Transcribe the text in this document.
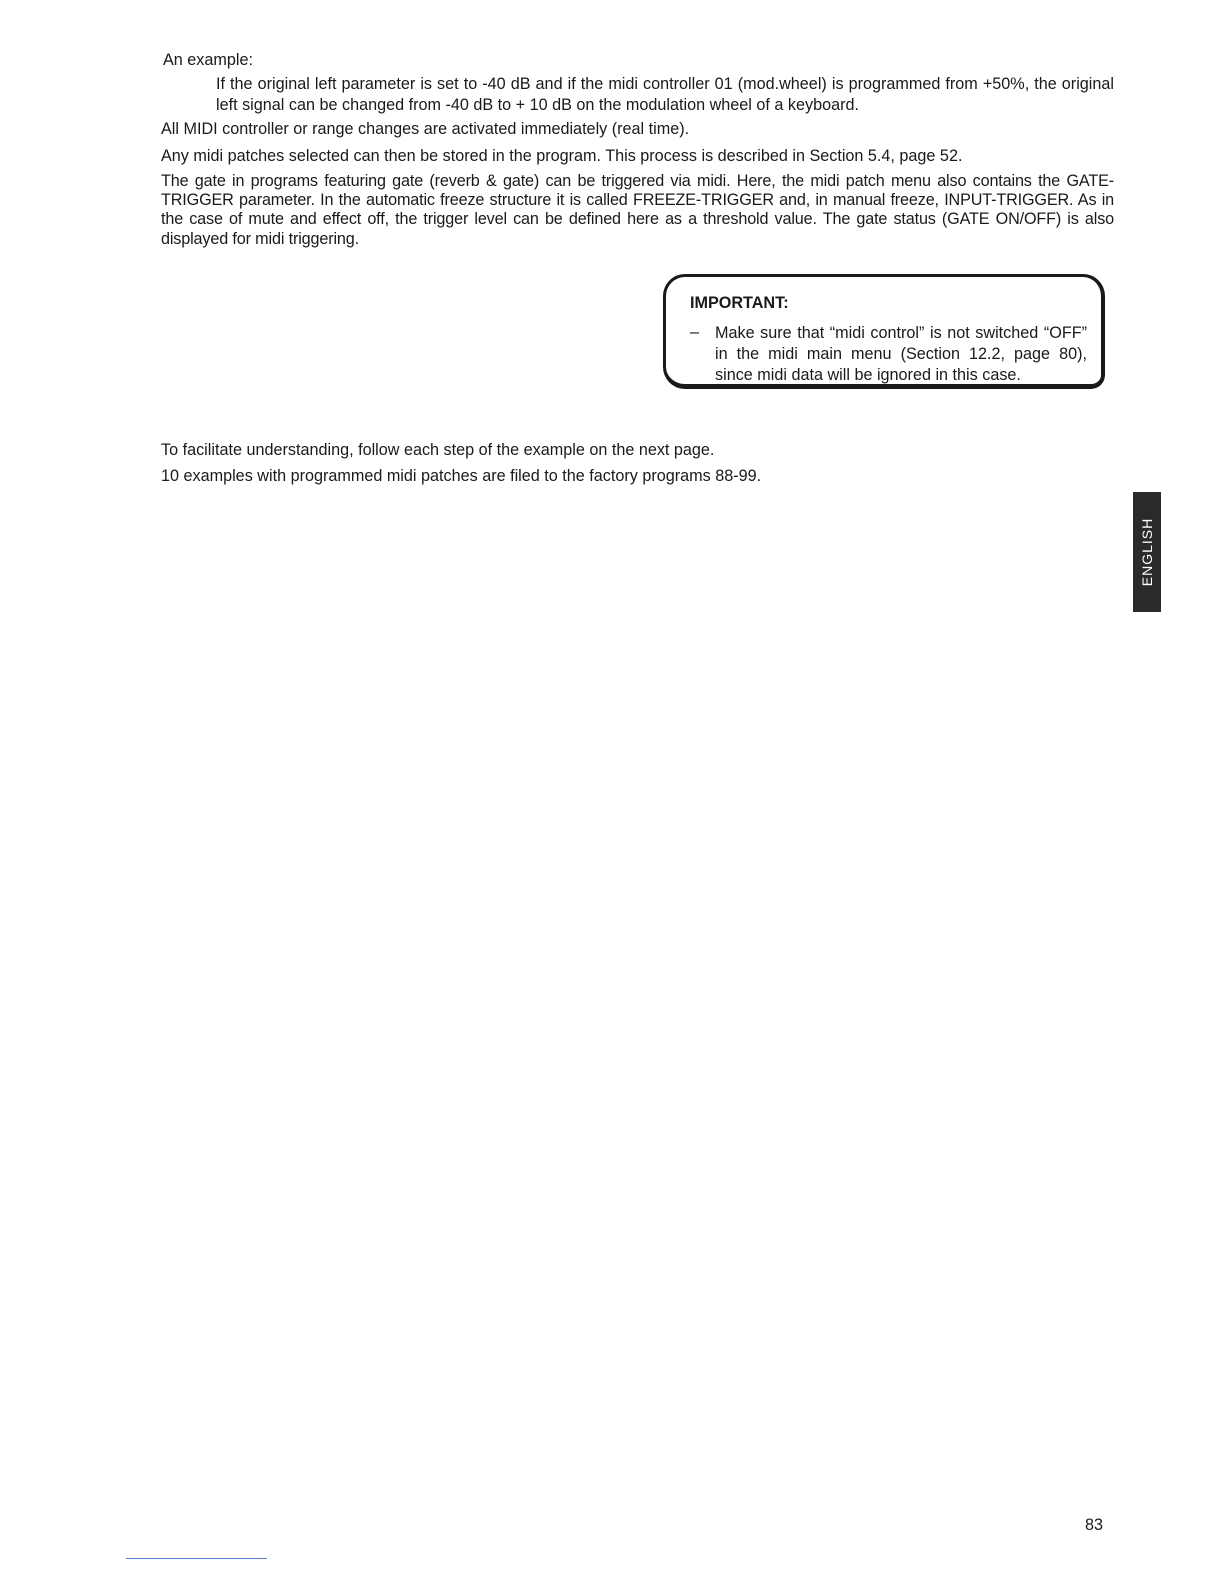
An example:
If the original left parameter is set to -40 dB and if the midi controller 01 (mod.wheel) is programmed from +50%, the original left signal can be changed from -40 dB to + 10 dB on the modulation wheel of a keyboard.
All MIDI controller or range changes are activated immediately (real time).
Any midi patches selected can then be stored in the program. This process is described in Section 5.4, page 52.
The gate in programs featuring gate (reverb & gate) can be triggered via midi. Here, the midi patch menu also contains the GATE-TRIGGER parameter. In the automatic freeze structure it is called FREEZE-TRIGGER and, in manual freeze, INPUT-TRIGGER. As in the case of mute and effect off, the trigger level can be defined here as a threshold value. The gate status (GATE ON/OFF) is also displayed for midi triggering.
IMPORTANT:
– Make sure that “midi control” is not switched “OFF” in the midi main menu (Section 12.2, page 80), since midi data will be ignored in this case.
To facilitate understanding, follow each step of the example on the next page.
10 examples with programmed midi patches are filed to the factory programs 88-99.
ENGLISH
83
